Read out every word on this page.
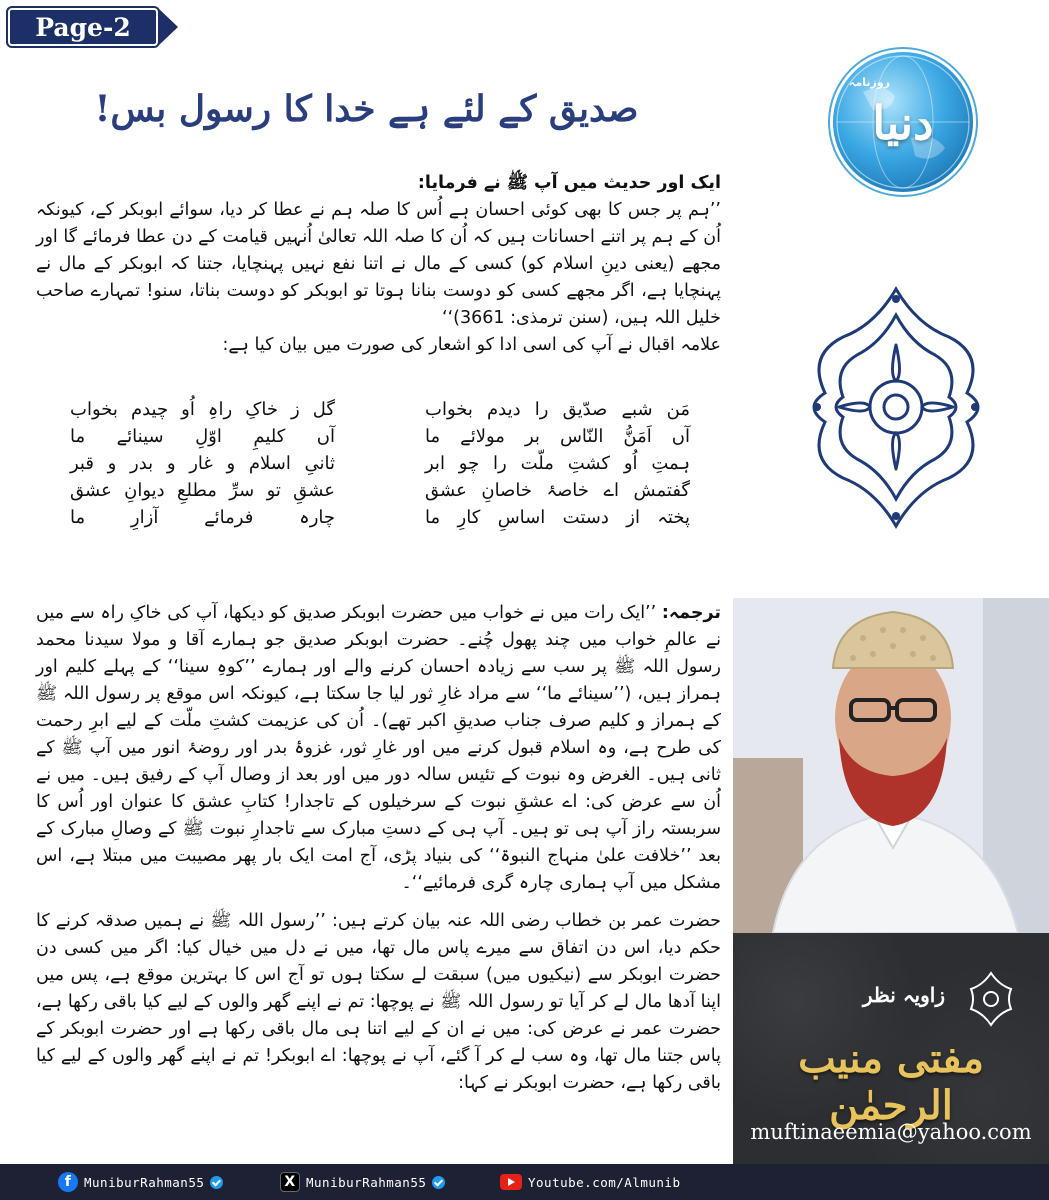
Page-2
صدیق کے لئے ہے خدا کا رسول بس!
ایک اور حدیث میں آپ ﷺ نے فرمایا:
’’ہم پر جس کا بھی کوئی احسان ہے اُس کا صلہ ہم نے عطا کر دیا، سوائے ابوبکر کے، کیونکہ اُن کے ہم پر اتنے احسانات ہیں کہ اُن کا صلہ اللہ تعالیٰ اُنہیں قیامت کے دن عطا فرمائے گا اور مجھے (یعنی دینِ اسلام کو) کسی کے مال نے اتنا نفع نہیں پہنچایا، جتنا کہ ابوبکر کے مال نے پہنچایا ہے، اگر مجھے کسی کو دوست بنانا ہوتا تو ابوبکر کو دوست بناتا، سنو! تمہارے صاحب خلیل اللہ ہیں، (سنن ترمذی: 3661)‘‘
علامہ اقبال نے آپ کی اسی ادا کو اشعار کی صورت میں بیان کیا ہے:
مَن شبے صدّیق را دیدم بخواب
گل ز خاکِ راہِ اُو چیدم بخواب
آں اَمَنُّ النّاس بر مولائے ما
آں کلیمِ اوّلِ سینائے ما
ہمتِ اُو کشتِ ملّت را چو ابر
ثانیِ اسلام و غار و بدر و قبر
گفتمش اے خاصۂ خاصانِ عشق
عشقِ تو سرِّ مطلعِ دیوانِ عشق
پختہ از دستت اساسِ کارِ ما
چارہ فرمائے آزارِ ما
ترجمہ: ’’ایک رات میں نے خواب میں حضرت ابوبکر صدیق کو دیکھا، آپ کی خاکِ راہ سے میں نے عالمِ خواب میں چند پھول چُنے۔ حضرت ابوبکر صدیق جو ہمارے آقا و مولا سیدنا محمد رسول اللہ ﷺ پر سب سے زیادہ احسان کرنے والے اور ہمارے ’’کوہِ سینا‘‘ کے پہلے کلیم اور ہمراز ہیں، (’’سینائے ما‘‘ سے مراد غارِ ثور لیا جا سکتا ہے، کیونکہ اس موقع پر رسول اللہ ﷺ کے ہمراز و کلیم صرف جناب صدیقِ اکبر تھے)۔ اُن کی عزیمت کشتِ ملّت کے لیے ابرِ رحمت کی طرح ہے، وہ اسلام قبول کرنے میں اور غارِ ثور، غزوۂ بدر اور روضۂ انور میں آپ ﷺ کے ثانی ہیں۔ الغرض وہ نبوت کے تئیس سالہ دور میں اور بعد از وصال آپ کے رفیق ہیں۔ میں نے اُن سے عرض کی: اے عشقِ نبوت کے سرخیلوں کے تاجدار! کتابِ عشق کا عنوان اور اُس کا سربستہ راز آپ ہی تو ہیں۔ آپ ہی کے دستِ مبارک سے تاجدارِ نبوت ﷺ کے وصالِ مبارک کے بعد ’’خلافت علیٰ منہاج النبوۃ‘‘ کی بنیاد پڑی، آج امت ایک بار پھر مصیبت میں مبتلا ہے، اس مشکل میں آپ ہماری چارہ گری فرمائیے‘‘۔
حضرت عمر بن خطاب رضی اللہ عنہ بیان کرتے ہیں: ’’رسول اللہ ﷺ نے ہمیں صدقہ کرنے کا حکم دیا، اس دن اتفاق سے میرے پاس مال تھا، میں نے دل میں خیال کیا: اگر میں کسی دن حضرت ابوبکر سے (نیکیوں میں) سبقت لے سکتا ہوں تو آج اس کا بہترین موقع ہے، پس میں اپنا آدھا مال لے کر آیا تو رسول اللہ ﷺ نے پوچھا: تم نے اپنے گھر والوں کے لیے کیا باقی رکھا ہے، حضرت عمر نے عرض کی: میں نے ان کے لیے اتنا ہی مال باقی رکھا ہے اور حضرت ابوبکر کے پاس جتنا مال تھا، وہ سب لے کر آ گئے، آپ نے پوچھا: اے ابوبکر! تم نے اپنے گھر والوں کے لیے کیا باقی رکھا ہے، حضرت ابوبکر نے کہا:
روزنامہ
دنیا
زاویہ نظر
مفتی منیب الرحمٰن
muftinaeemia@yahoo.com
f	MuniburRahman55	X MuniburRahman55	Youtube.com/Almunib
